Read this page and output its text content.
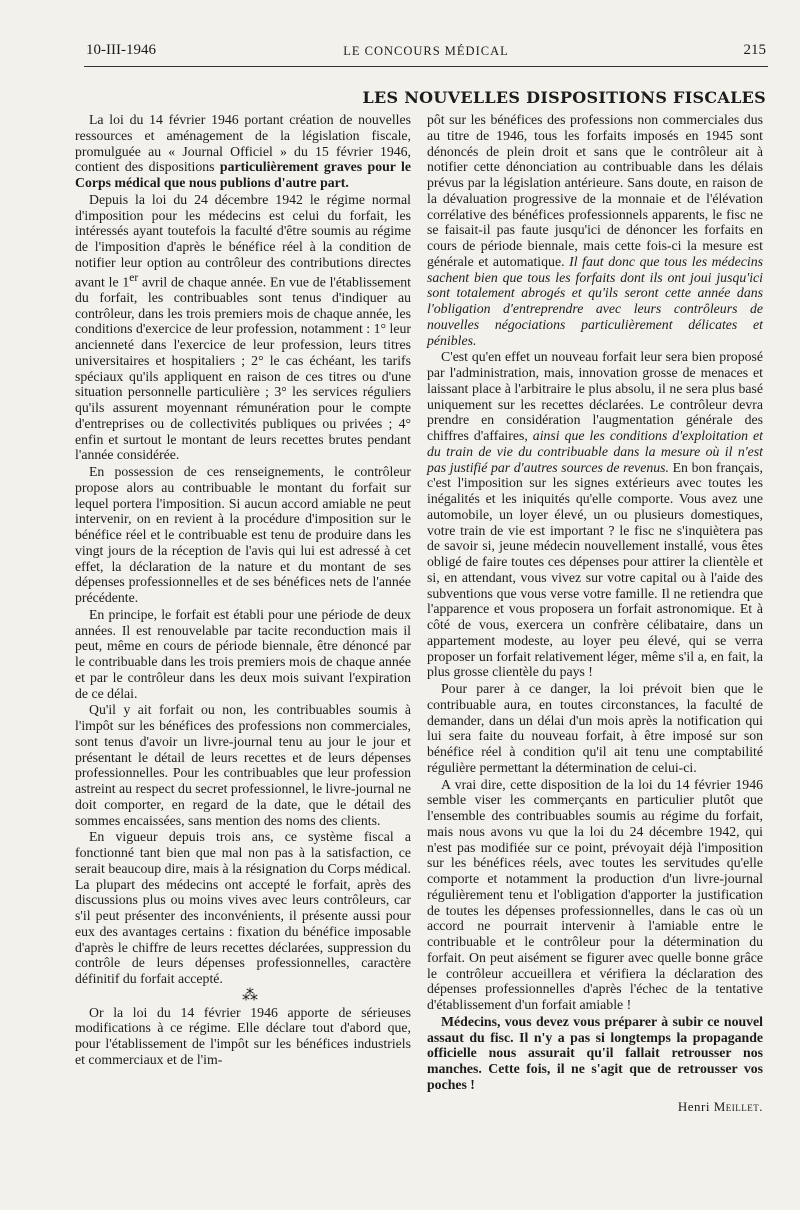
10-III-1946	LE CONCOURS MÉDICAL	215
LES NOUVELLES DISPOSITIONS FISCALES

La loi du 14 février 1946 portant création de nouvelles ressources et aménagement de la législation fiscale, promulguée au « Journal Officiel » du 15 février 1946, contient des dispositions particulièrement graves pour le Corps médical que nous publions d'autre part.

Depuis la loi du 24 décembre 1942 le régime normal d'imposition pour les médecins est celui du forfait, les intéressés ayant toutefois la faculté d'être soumis au régime de l'imposition d'après le bénéfice réel à la condition de notifier leur option au contrôleur des contributions directes avant le 1er avril de chaque année. En vue de l'établissement du forfait, les contribuables sont tenus d'indiquer au contrôleur, dans les trois premiers mois de chaque année, les conditions d'exercice de leur profession, notamment : 1° leur ancienneté dans l'exercice de leur profession, leurs titres universitaires et hospitaliers ; 2° le cas échéant, les tarifs spéciaux qu'ils appliquent en raison de ces titres ou d'une situation personnelle particulière ; 3° les services réguliers qu'ils assurent moyennant rémunération pour le compte d'entreprises ou de collectivités publiques ou privées ; 4° enfin et surtout le montant de leurs recettes brutes pendant l'année considérée.

En possession de ces renseignements, le contrôleur propose alors au contribuable le montant du forfait sur lequel portera l'imposition. Si aucun accord amiable ne peut intervenir, on en revient à la procédure d'imposition sur le bénéfice réel et le contribuable est tenu de produire dans les vingt jours de la réception de l'avis qui lui est adressé à cet effet, la déclaration de la nature et du montant de ses dépenses professionnelles et de ses bénéfices nets de l'année précédente.

En principe, le forfait est établi pour une période de deux années. Il est renouvelable par tacite reconduction mais il peut, même en cours de période biennale, être dénoncé par le contribuable dans les trois premiers mois de chaque année et par le contrôleur dans les deux mois suivant l'expiration de ce délai.

Qu'il y ait forfait ou non, les contribuables soumis à l'impôt sur les bénéfices des professions non commerciales, sont tenus d'avoir un livre-journal tenu au jour le jour et présentant le détail de leurs recettes et de leurs dépenses professionnelles. Pour les contribuables que leur profession astreint au respect du secret professionnel, le livre-journal ne doit comporter, en regard de la date, que le détail des sommes encaissées, sans mention des noms des clients.

En vigueur depuis trois ans, ce système fiscal a fonctionné tant bien que mal non pas à la satisfaction, ce serait beaucoup dire, mais à la résignation du Corps médical. La plupart des médecins ont accepté le forfait, après des discussions plus ou moins vives avec leurs contrôleurs, car s'il peut présenter des inconvénients, il présente aussi pour eux des avantages certains : fixation du bénéfice imposable d'après le chiffre de leurs recettes déclarées, suppression du contrôle de leurs dépenses professionnelles, caractère définitif du forfait accepté.

⁂

Or la loi du 14 février 1946 apporte de sérieuses modifications à ce régime. Elle déclare tout d'abord que, pour l'établissement de l'impôt sur les bénéfices industriels et commerciaux et de l'im-

pôt sur les bénéfices des professions non commerciales dus au titre de 1946, tous les forfaits imposés en 1945 sont dénoncés de plein droit et sans que le contrôleur ait à notifier cette dénonciation au contribuable dans les délais prévus par la législation antérieure. Sans doute, en raison de la dévaluation progressive de la monnaie et de l'élévation corrélative des bénéfices professionnels apparents, le fisc ne se faisait-il pas faute jusqu'ici de dénoncer les forfaits en cours de période biennale, mais cette fois-ci la mesure est générale et automatique. Il faut donc que tous les médecins sachent bien que tous les forfaits dont ils ont joui jusqu'ici sont totalement abrogés et qu'ils seront cette année dans l'obligation d'entreprendre avec leurs contrôleurs de nouvelles négociations particulièrement délicates et pénibles.

C'est qu'en effet un nouveau forfait leur sera bien proposé par l'administration, mais, innovation grosse de menaces et laissant place à l'arbitraire le plus absolu, il ne sera plus basé uniquement sur les recettes déclarées. Le contrôleur devra prendre en considération l'augmentation générale des chiffres d'affaires, ainsi que les conditions d'exploitation et du train de vie du contribuable dans la mesure où il n'est pas justifié par d'autres sources de revenus. En bon français, c'est l'imposition sur les signes extérieurs avec toutes les inégalités et les iniquités qu'elle comporte. Vous avez une automobile, un loyer élevé, un ou plusieurs domestiques, votre train de vie est important ? le fisc ne s'inquiètera pas de savoir si, jeune médecin nouvellement installé, vous êtes obligé de faire toutes ces dépenses pour attirer la clientèle et si, en attendant, vous vivez sur votre capital ou à l'aide des subventions que vous verse votre famille. Il ne retiendra que l'apparence et vous proposera un forfait astronomique. Et à côté de vous, exercera un confrère célibataire, dans un appartement modeste, au loyer peu élevé, qui se verra proposer un forfait relativement léger, même s'il a, en fait, la plus grosse clientèle du pays !

Pour parer à ce danger, la loi prévoit bien que le contribuable aura, en toutes circonstances, la faculté de demander, dans un délai d'un mois après la notification qui lui sera faite du nouveau forfait, à être imposé sur son bénéfice réel à condition qu'il ait tenu une comptabilité régulière permettant la détermination de celui-ci.

A vrai dire, cette disposition de la loi du 14 février 1946 semble viser les commerçants en particulier plutôt que l'ensemble des contribuables soumis au régime du forfait, mais nous avons vu que la loi du 24 décembre 1942, qui n'est pas modifiée sur ce point, prévoyait déjà l'imposition sur les bénéfices réels, avec toutes les servitudes qu'elle comporte et notamment la production d'un livre-journal régulièrement tenu et l'obligation d'apporter la justification de toutes les dépenses professionnelles, dans le cas où un accord ne pourrait intervenir à l'amiable entre le contribuable et le contrôleur pour la détermination du forfait. On peut aisément se figurer avec quelle bonne grâce le contrôleur accueillera et vérifiera la déclaration des dépenses professionnelles d'après l'échec de la tentative d'établissement d'un forfait amiable !

Médecins, vous devez vous préparer à subir ce nouvel assaut du fisc. Il n'y a pas si longtemps la propagande officielle nous assurait qu'il fallait retrousser nos manches. Cette fois, il ne s'agit que de retrousser vos poches !

Henri Meillet.
